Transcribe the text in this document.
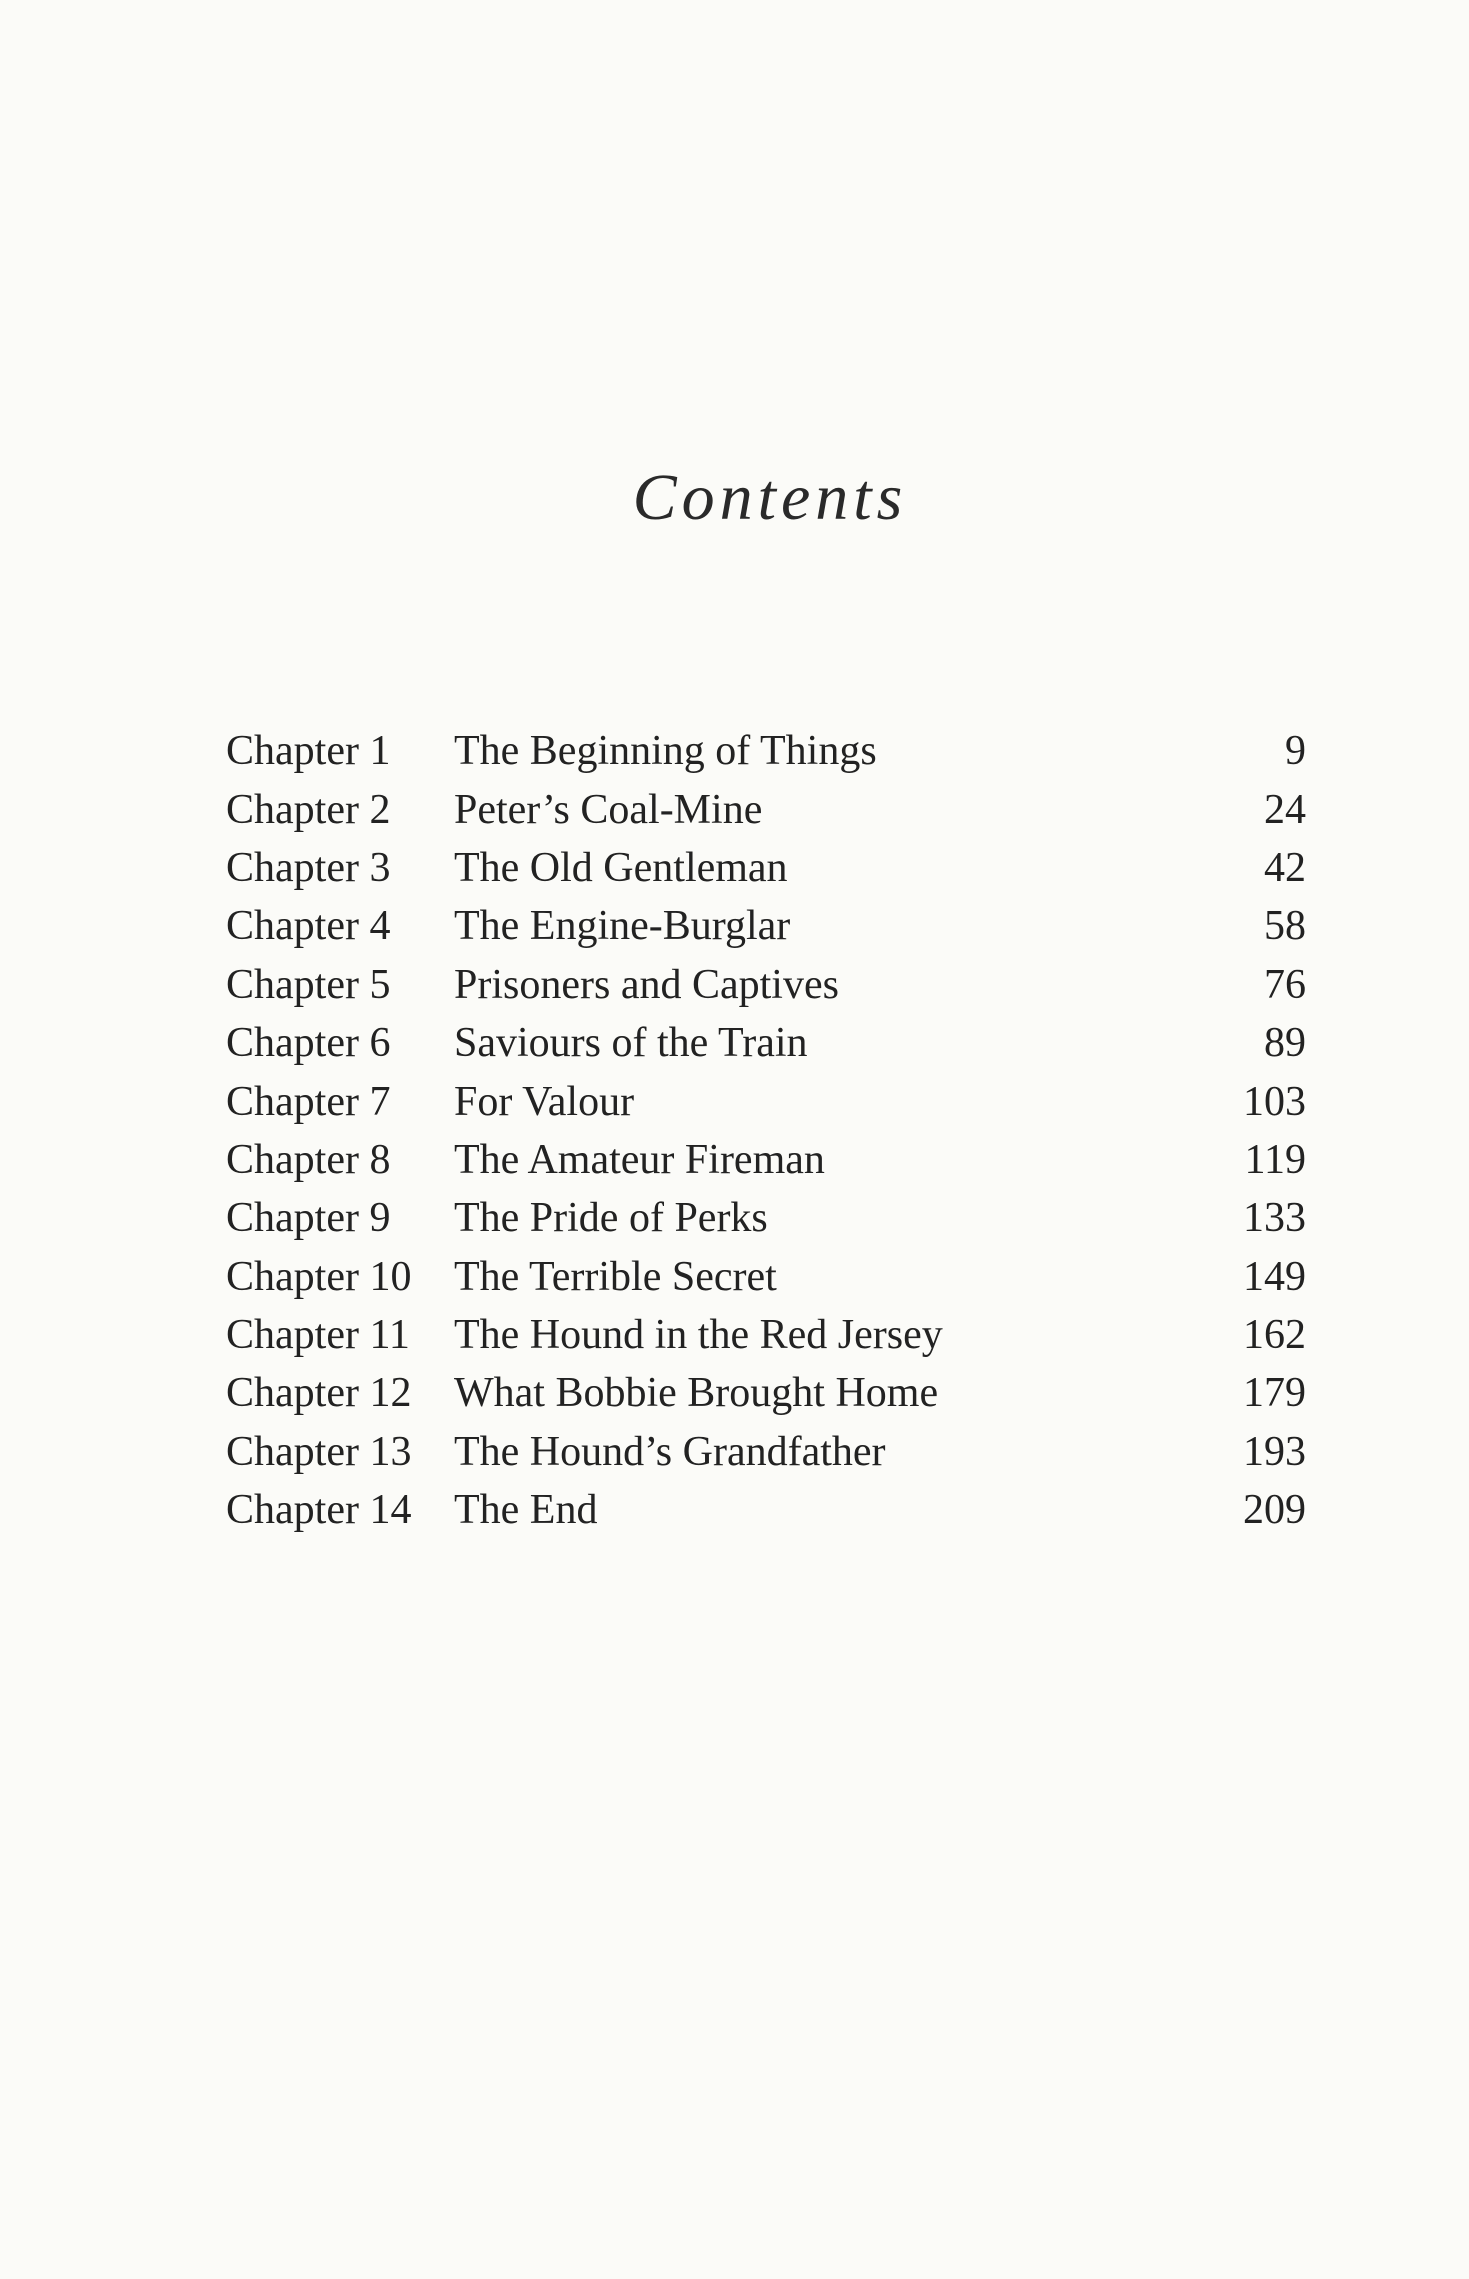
Contents
Chapter 1	The Beginning of Things	9
Chapter 2	Peter’s Coal-Mine	24
Chapter 3	The Old Gentleman	42
Chapter 4	The Engine-Burglar	58
Chapter 5	Prisoners and Captives	76
Chapter 6	Saviours of the Train	89
Chapter 7	For Valour	103
Chapter 8	The Amateur Fireman	119
Chapter 9	The Pride of Perks	133
Chapter 10	The Terrible Secret	149
Chapter 11	The Hound in the Red Jersey	162
Chapter 12	What Bobbie Brought Home	179
Chapter 13	The Hound’s Grandfather	193
Chapter 14	The End	209
